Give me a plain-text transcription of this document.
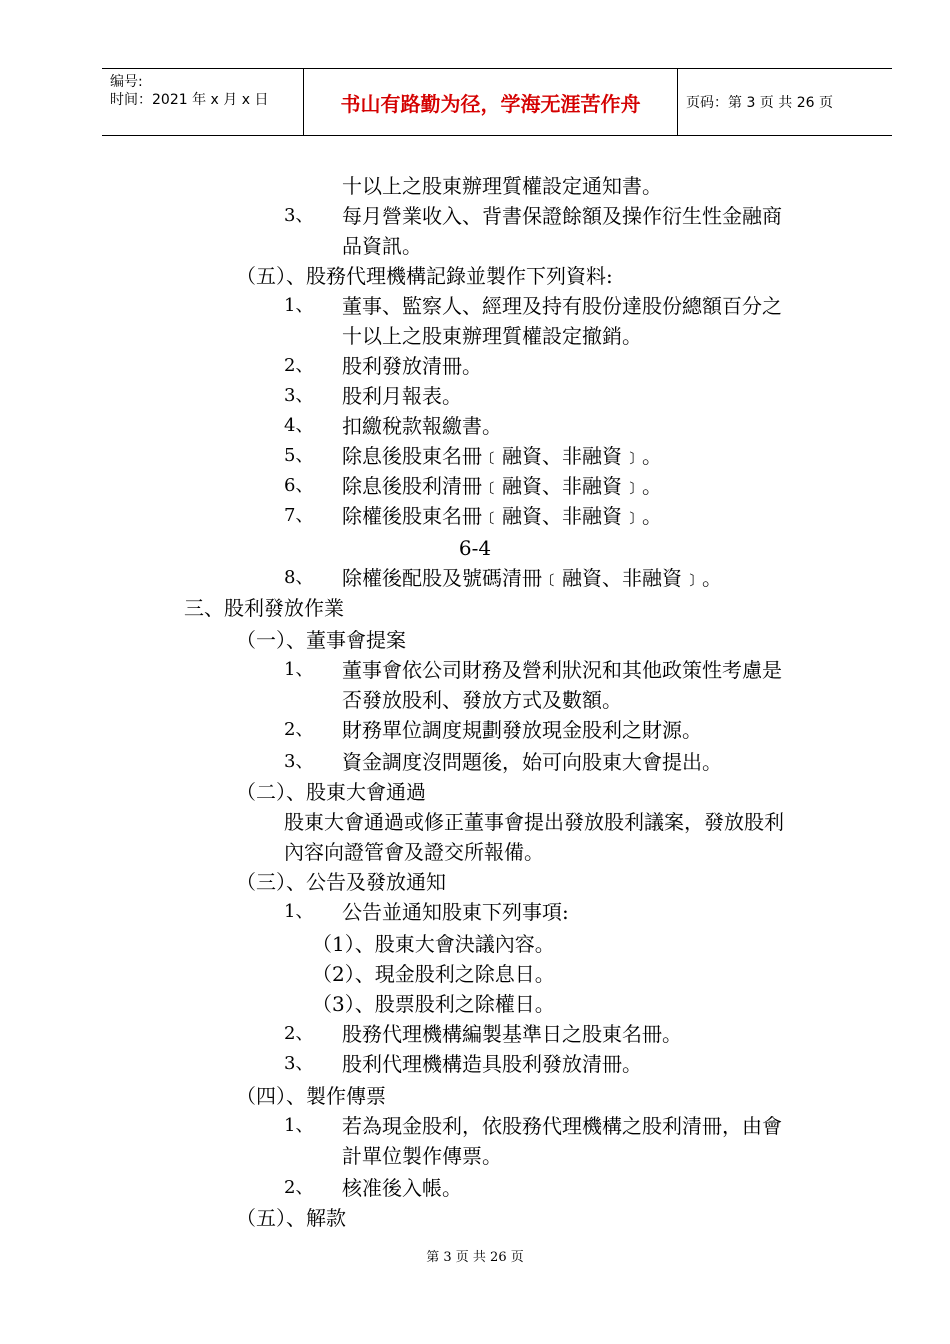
编号:
时间：2021 年 x 月 x 日	书山有路勤为径，学海无涯苦作舟	页码：第 3 页 共 26 页
十以上之股東辦理質權設定通知書。
3、 每月營業收入、背書保證餘額及操作衍生性金融商
品資訊。
（五）、股務代理機構記錄並製作下列資料:
1、 董事、監察人、經理及持有股份達股份總額百分之
十以上之股東辦理質權設定撤銷。
2、 股利發放清冊。
3、 股利月報表。
4、 扣繳稅款報繳書。
5、 除息後股東名冊﹝融資、非融資﹞。
6、 除息後股利清冊﹝融資、非融資﹞。
7、 除權後股東名冊﹝融資、非融資﹞。
6-4
8、 除權後配股及號碼清冊﹝融資、非融資﹞。
三、股利發放作業
（一）、董事會提案
1、 董事會依公司財務及營利狀況和其他政策性考慮是
否發放股利、發放方式及數額。
2、 財務單位調度規劃發放現金股利之財源。
3、 資金調度沒問題後，始可向股東大會提出。
（二）、股東大會通過
股東大會通過或修正董事會提出發放股利議案，發放股利
內容向證管會及證交所報備。
（三）、公告及發放通知
1、 公告並通知股東下列事項:
（1）、股東大會決議內容。
（2）、現金股利之除息日。
（3）、股票股利之除權日。
2、 股務代理機構編製基準日之股東名冊。
3、 股利代理機構造具股利發放清冊。
（四）、製作傳票
1、 若為現金股利，依股務代理機構之股利清冊，由會
計單位製作傳票。
2、 核准後入帳。
（五）、解款
第 3 页 共 26 页
